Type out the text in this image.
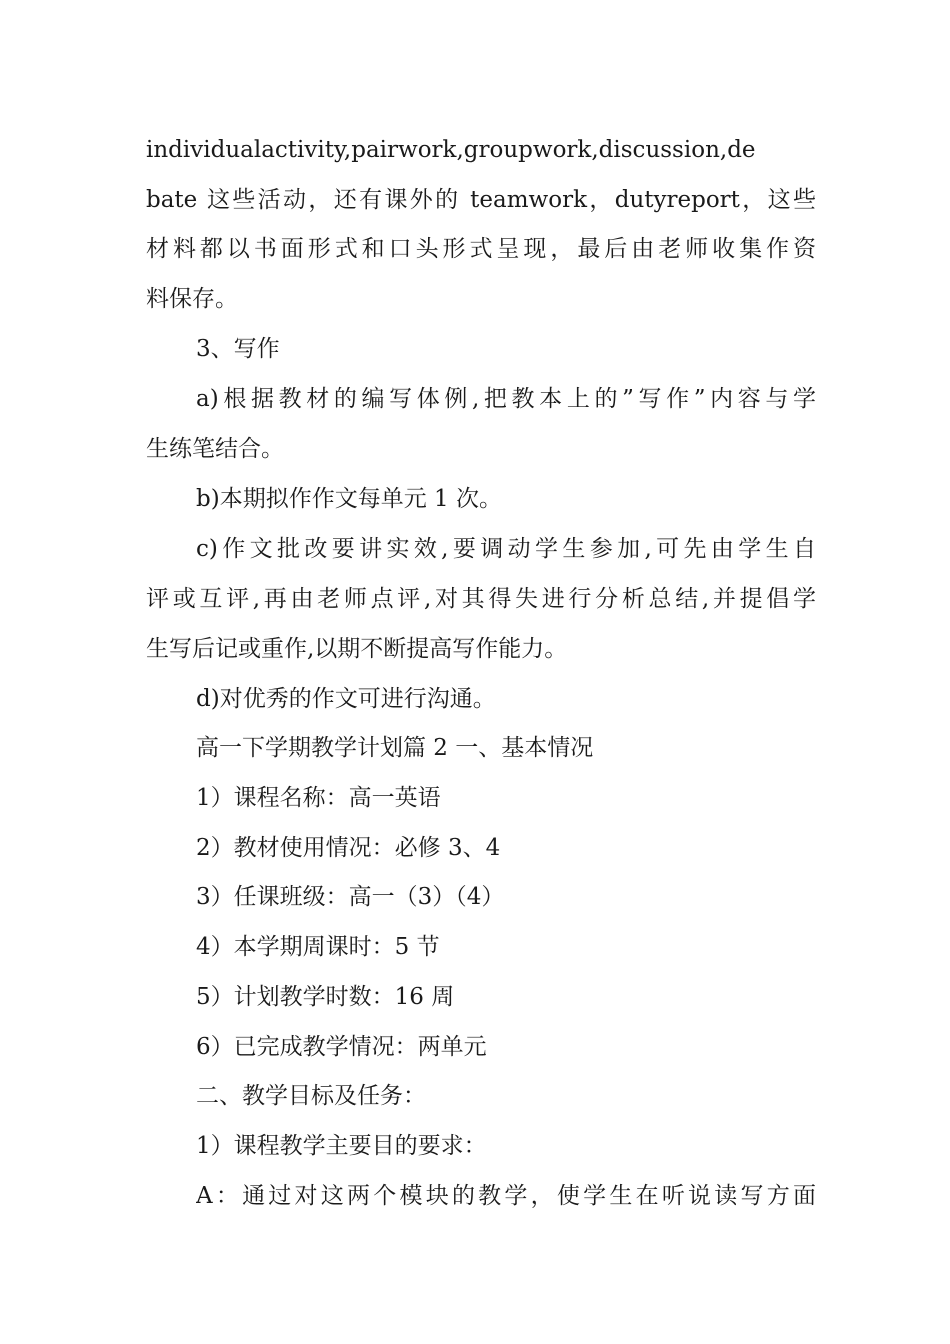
individualactivity,pairwork,groupwork,discussion,de
bate 这些活动，还有课外的 teamwork，dutyreport，这些
材料都以书面形式和口头形式呈现，最后由老师收集作资
料保存。
3、写作
a)根据教材的编写体例,把教本上的”写作”内容与学
生练笔结合。
b)本期拟作作文每单元 1 次。
c)作文批改要讲实效,要调动学生参加,可先由学生自
评或互评,再由老师点评,对其得失进行分析总结,并提倡学
生写后记或重作,以期不断提高写作能力。
d)对优秀的作文可进行沟通。
高一下学期教学计划篇 2 一、基本情况
1）课程名称：高一英语
2）教材使用情况：必修 3、4
3）任课班级：高一（3）（4）
4）本学期周课时：5 节
5）计划教学时数：16 周
6）已完成教学情况：两单元
二、教学目标及任务：
1）课程教学主要目的要求：
A：通过对这两个模块的教学，使学生在听说读写方面
